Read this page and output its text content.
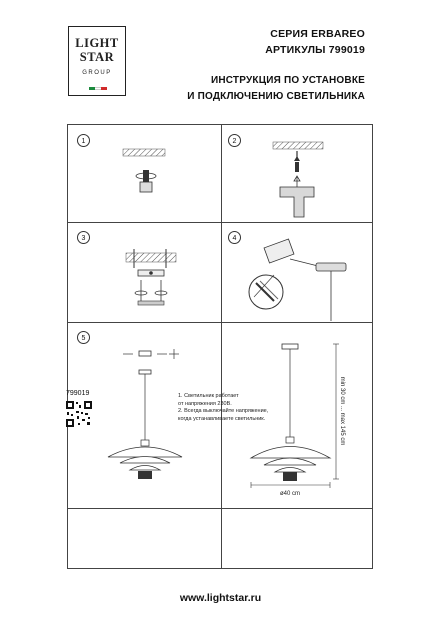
LIGHT
STAR
GROUP
СЕРИЯ ERBAREO
АРТИКУЛЫ 799019
ИНСТРУКЦИЯ ПО УСТАНОВКЕ
И ПОДКЛЮЧЕНИЮ СВЕТИЛЬНИКА
1	2
3	4
5
min 30 cm ... max 145 cm
ø40 cm
799019	1. Светильник работает
от напряжения 230В.
2. Всегда выключайте напряжение,
когда устанавливаете светильник.
www.lightstar.ru
